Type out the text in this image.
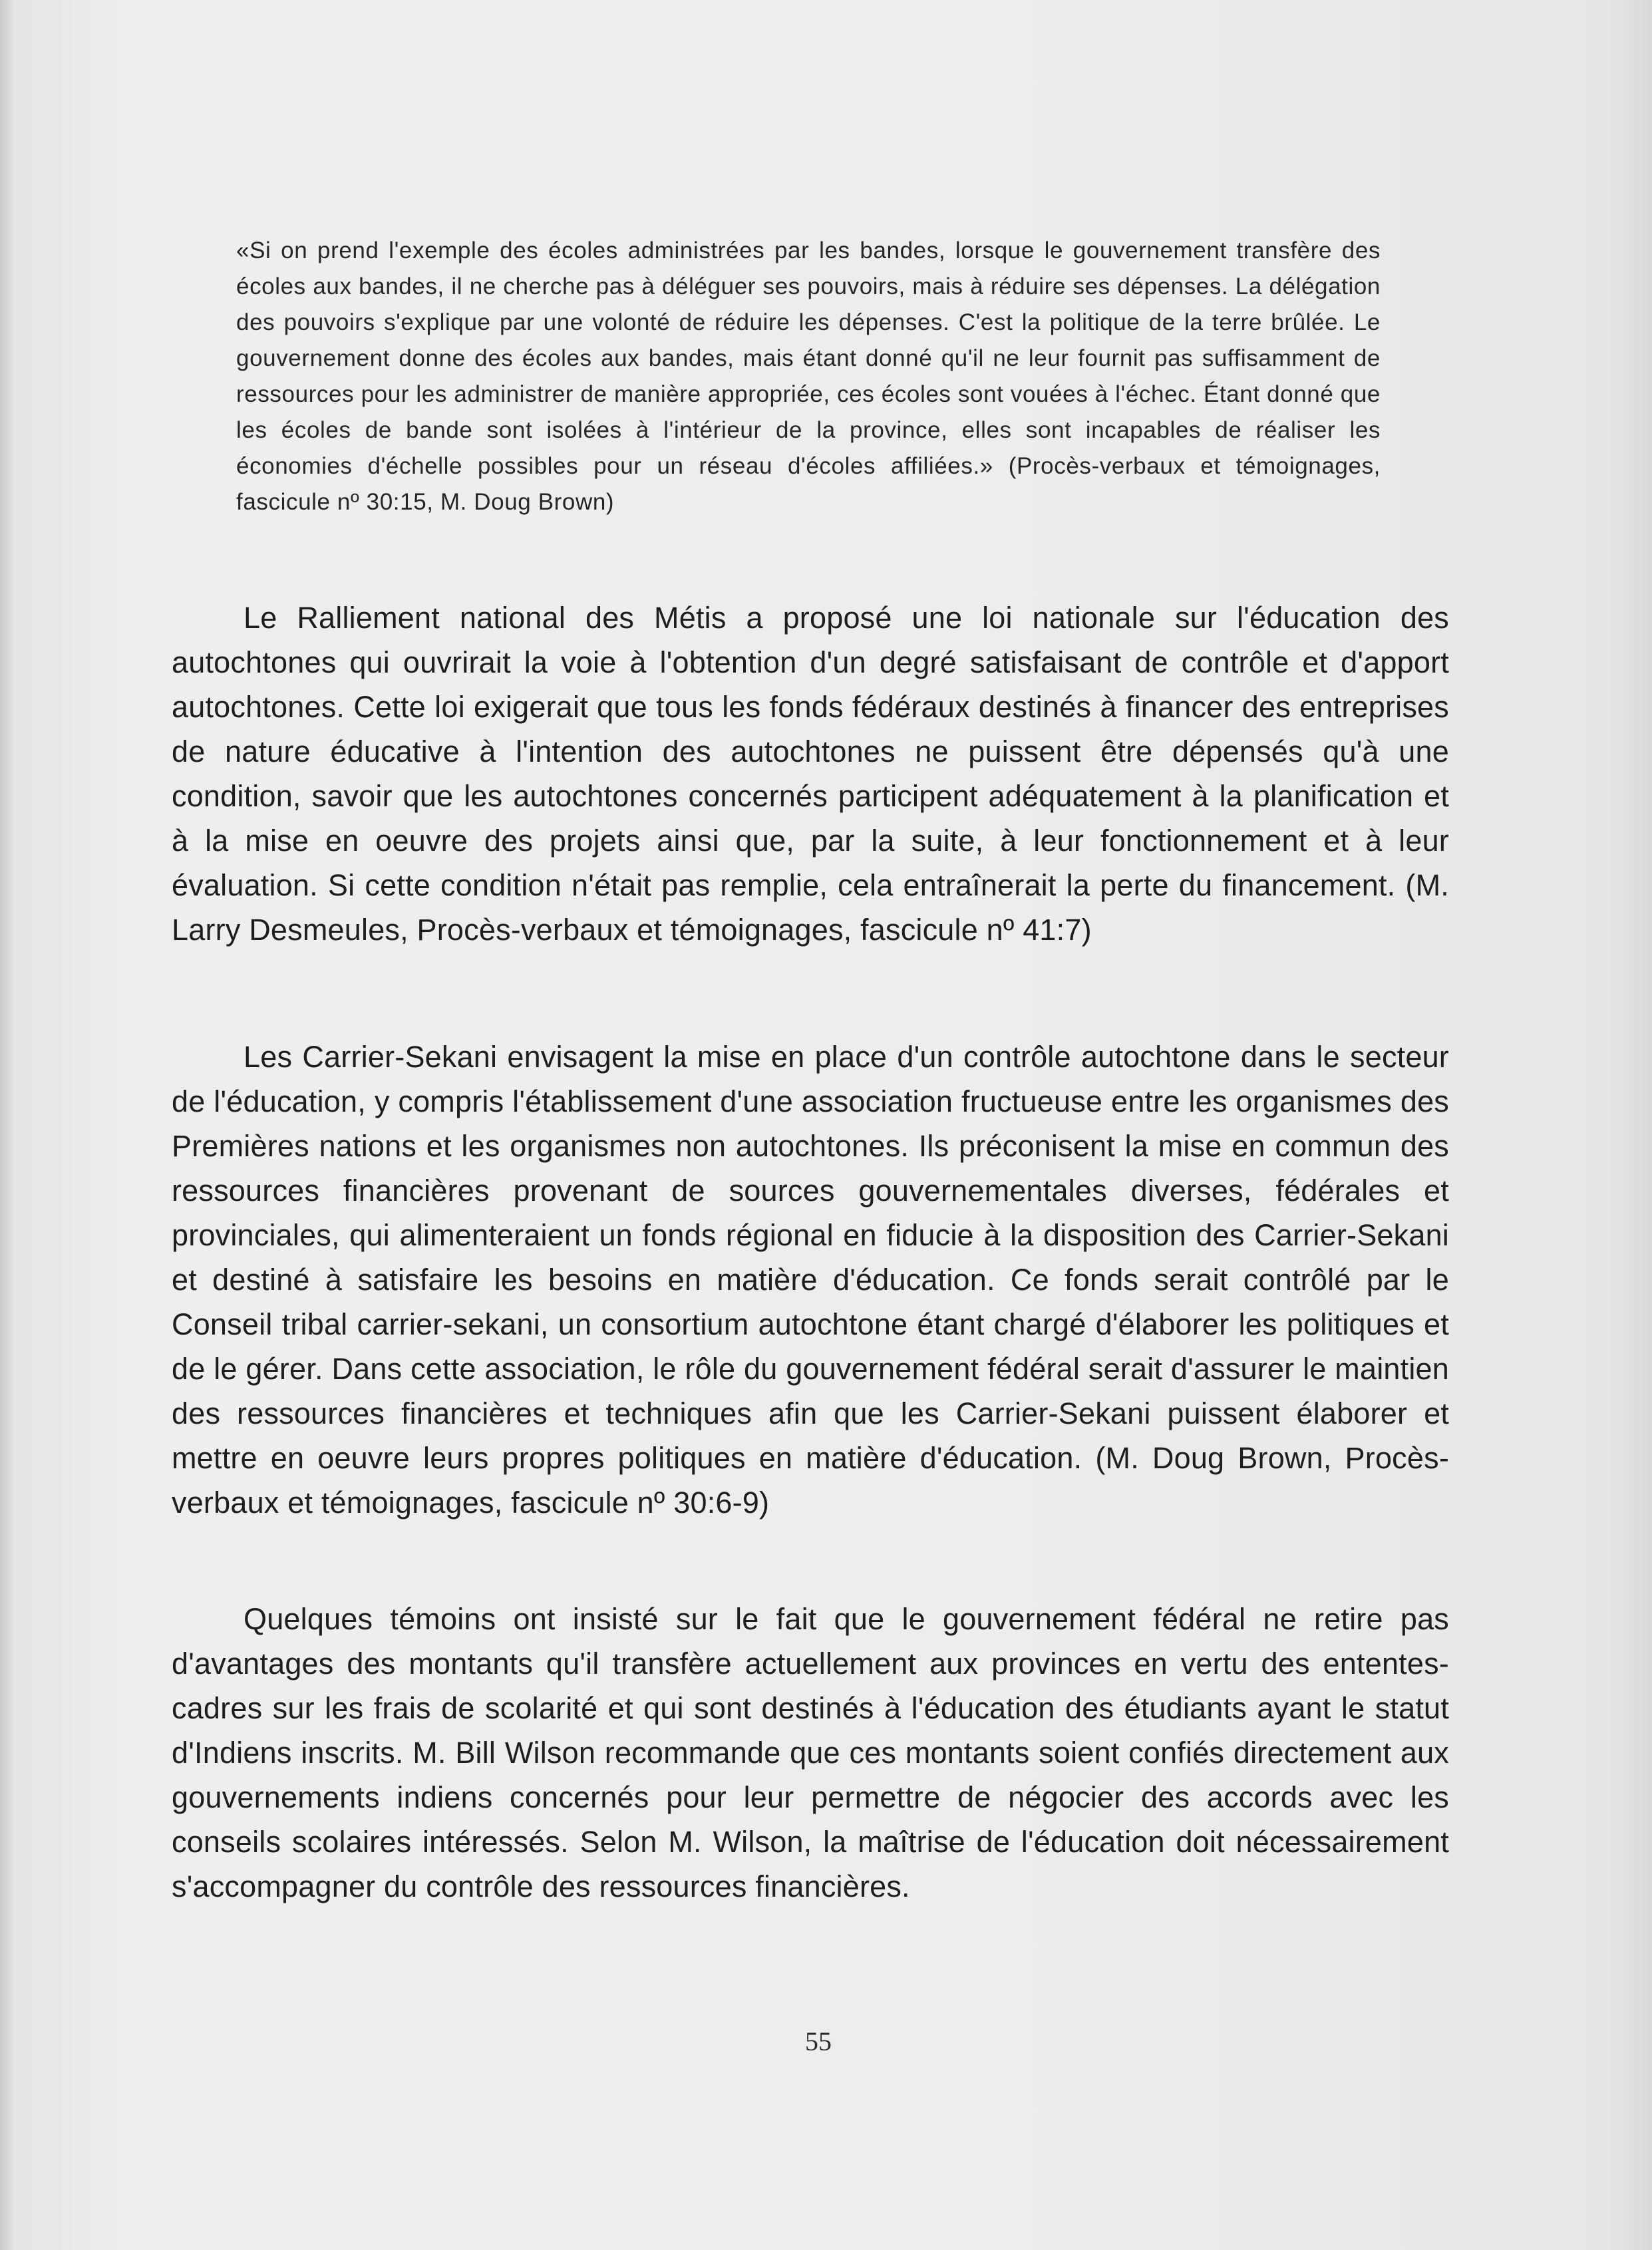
«Si on prend l'exemple des écoles administrées par les bandes, lorsque le gouvernement transfère des écoles aux bandes, il ne cherche pas à déléguer ses pouvoirs, mais à réduire ses dépenses. La délégation des pouvoirs s'explique par une volonté de réduire les dépenses. C'est la politique de la terre brûlée. Le gouvernement donne des écoles aux bandes, mais étant donné qu'il ne leur fournit pas suffisamment de ressources pour les administrer de manière appropriée, ces écoles sont vouées à l'échec. Étant donné que les écoles de bande sont isolées à l'intérieur de la province, elles sont incapables de réaliser les économies d'échelle possibles pour un réseau d'écoles affiliées.» (Procès-verbaux et témoignages, fascicule nº 30:15, M. Doug Brown)

Le Ralliement national des Métis a proposé une loi nationale sur l'éducation des autochtones qui ouvrirait la voie à l'obtention d'un degré satisfaisant de contrôle et d'apport autochtones. Cette loi exigerait que tous les fonds fédéraux destinés à financer des entreprises de nature éducative à l'intention des autochtones ne puissent être dépensés qu'à une condition, savoir que les autochtones concernés participent adéquatement à la planification et à la mise en oeuvre des projets ainsi que, par la suite, à leur fonctionnement et à leur évaluation. Si cette condition n'était pas remplie, cela entraînerait la perte du financement. (M. Larry Desmeules, Procès-verbaux et témoignages, fascicule nº 41:7)

Les Carrier-Sekani envisagent la mise en place d'un contrôle autochtone dans le secteur de l'éducation, y compris l'établissement d'une association fructueuse entre les organismes des Premières nations et les organismes non autochtones. Ils préconisent la mise en commun des ressources financières provenant de sources gouvernementales diverses, fédérales et provinciales, qui alimenteraient un fonds régional en fiducie à la disposition des Carrier-Sekani et destiné à satisfaire les besoins en matière d'éducation. Ce fonds serait contrôlé par le Conseil tribal carrier-sekani, un consortium autochtone étant chargé d'élaborer les politiques et de le gérer. Dans cette association, le rôle du gouvernement fédéral serait d'assurer le maintien des ressources financières et techniques afin que les Carrier-Sekani puissent élaborer et mettre en oeuvre leurs propres politiques en matière d'éducation. (M. Doug Brown, Procès-verbaux et témoignages, fascicule nº 30:6-9)

Quelques témoins ont insisté sur le fait que le gouvernement fédéral ne retire pas d'avantages des montants qu'il transfère actuellement aux provinces en vertu des ententes-cadres sur les frais de scolarité et qui sont destinés à l'éducation des étudiants ayant le statut d'Indiens inscrits. M. Bill Wilson recommande que ces montants soient confiés directement aux gouvernements indiens concernés pour leur permettre de négocier des accords avec les conseils scolaires intéressés. Selon M. Wilson, la maîtrise de l'éducation doit nécessairement s'accompagner du contrôle des ressources financières.

55
